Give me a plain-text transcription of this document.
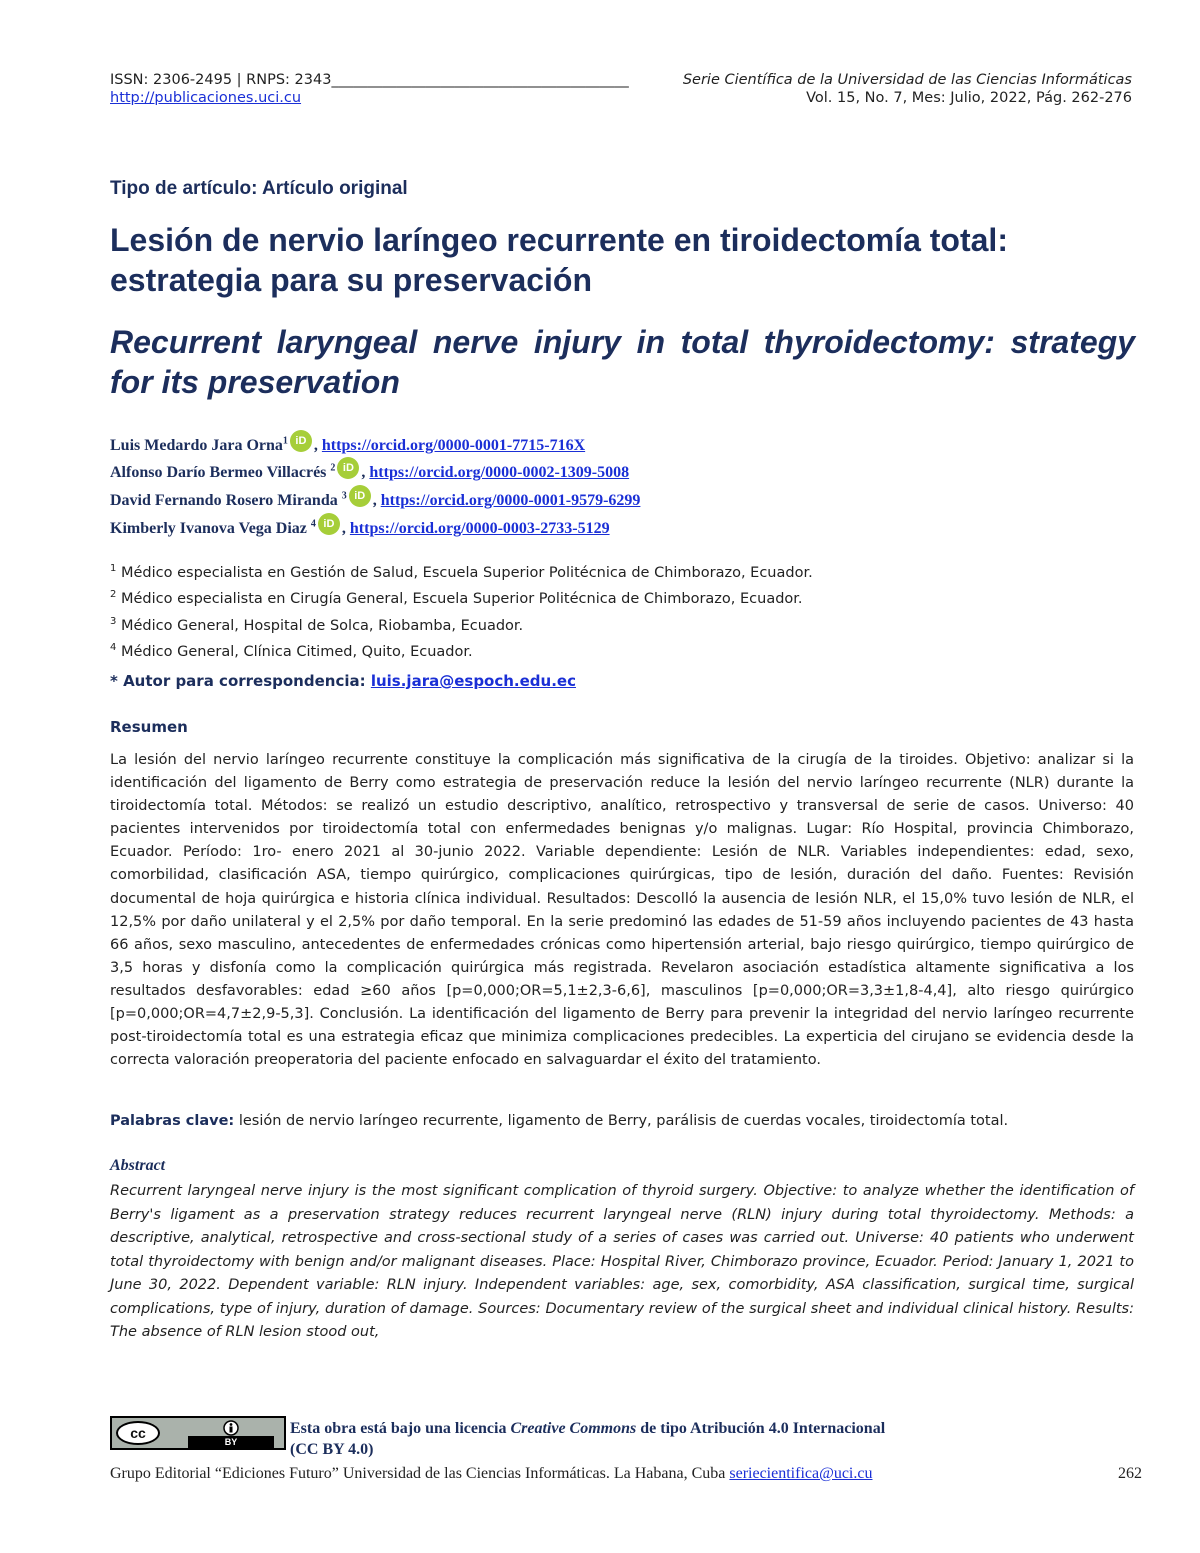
ISSN: 2306-2495 | RNPS: 2343_________________________________________	Serie Científica de la Universidad de las Ciencias Informáticas
http://publicaciones.uci.cu	Vol. 15, No. 7, Mes: Julio, 2022, Pág. 262-276
Tipo de artículo: Artículo original
Lesión de nervio laríngeo recurrente en tiroidectomía total: estrategia para su preservación
Recurrent laryngeal nerve injury in total thyroidectomy: strategy for its preservation
Luis Medardo Jara Orna$^1$ iD , https://orcid.org/0000-0001-7715-716X
Alfonso Darío Bermeo Villacrés $^2$ iD , https://orcid.org/0000-0002-1309-5008
David Fernando Rosero Miranda $^3$ iD , https://orcid.org/0000-0001-9579-6299
Kimberly Ivanova Vega Diaz $^4$ iD , https://orcid.org/0000-0003-2733-5129
$^1$ Médico especialista en Gestión de Salud, Escuela Superior Politécnica de Chimborazo, Ecuador.
$^2$ Médico especialista en Cirugía General, Escuela Superior Politécnica de Chimborazo, Ecuador.
$^3$ Médico General, Hospital de Solca, Riobamba, Ecuador.
$^4$ Médico General, Clínica Citimed, Quito, Ecuador.
* Autor para correspondencia: luis.jara@espoch.edu.ec
Resumen
La lesión del nervio laríngeo recurrente constituye la complicación más significativa de la cirugía de la tiroides. Objetivo: analizar si la identificación del ligamento de Berry como estrategia de preservación reduce la lesión del nervio laríngeo recurrente (NLR) durante la tiroidectomía total. Métodos: se realizó un estudio descriptivo, analítico, retrospectivo y transversal de serie de casos. Universo: 40 pacientes intervenidos por tiroidectomía total con enfermedades benignas y/o malignas. Lugar: Río Hospital, provincia Chimborazo, Ecuador. Período: 1ro- enero 2021 al 30-junio 2022. Variable dependiente: Lesión de NLR. Variables independientes: edad, sexo, comorbilidad, clasificación ASA, tiempo quirúrgico, complicaciones quirúrgicas, tipo de lesión, duración del daño. Fuentes: Revisión documental de hoja quirúrgica e historia clínica individual. Resultados: Descolló la ausencia de lesión NLR, el 15,0% tuvo lesión de NLR, el 12,5% por daño unilateral y el 2,5% por daño temporal. En la serie predominó las edades de 51-59 años incluyendo pacientes de 43 hasta 66 años, sexo masculino, antecedentes de enfermedades crónicas como hipertensión arterial, bajo riesgo quirúrgico, tiempo quirúrgico de 3,5 horas y disfonía como la complicación quirúrgica más registrada. Revelaron asociación estadística altamente significativa a los resultados desfavorables: edad ≥60 años [p=0,000;OR=5,1±2,3-6,6], masculinos [p=0,000;OR=3,3±1,8-4,4], alto riesgo quirúrgico [p=0,000;OR=4,7±2,9-5,3]. Conclusión. La identificación del ligamento de Berry para prevenir la integridad del nervio laríngeo recurrente post-tiroidectomía total es una estrategia eficaz que minimiza complicaciones predecibles. La experticia del cirujano se evidencia desde la correcta valoración preoperatoria del paciente enfocado en salvaguardar el éxito del tratamiento.
Palabras clave: lesión de nervio laríngeo recurrente, ligamento de Berry, parálisis de cuerdas vocales, tiroidectomía total.
Abstract
Recurrent laryngeal nerve injury is the most significant complication of thyroid surgery. Objective: to analyze whether the identification of Berry's ligament as a preservation strategy reduces recurrent laryngeal nerve (RLN) injury during total thyroidectomy. Methods: a descriptive, analytical, retrospective and cross-sectional study of a series of cases was carried out. Universe: 40 patients who underwent total thyroidectomy with benign and/or malignant diseases. Place: Hospital River, Chimborazo province, Ecuador. Period: January 1, 2021 to June 30, 2022. Dependent variable: RLN injury. Independent variables: age, sex, comorbidity, ASA classification, surgical time, surgical complications, type of injury, duration of damage. Sources: Documentary review of the surgical sheet and individual clinical history. Results: The absence of RLN lesion stood out,
cc
BY
Esta obra está bajo una licencia Creative Commons de tipo Atribución 4.0 Internacional
(CC BY 4.0)
Grupo Editorial “Ediciones Futuro” Universidad de las Ciencias Informáticas. La Habana, Cuba seriecientifica@uci.cu	262
